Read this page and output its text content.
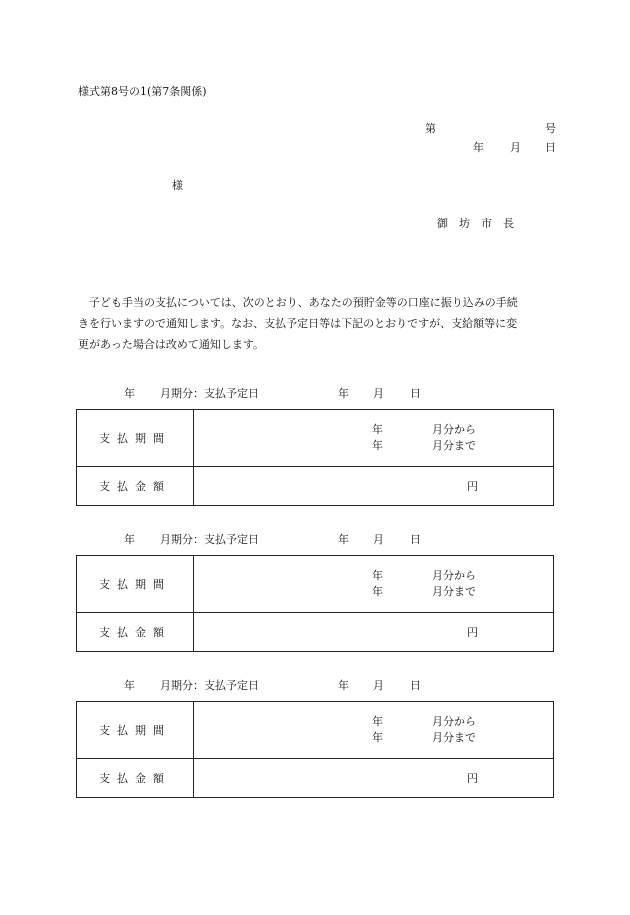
様式第8号の1(第7条関係)
第	号
年 月 日
様
御　坊　市　長

子ども手当の支払については、次のとおり、あなたの預貯金等の口座に振り込みの手続

きを行いますので通知します。なお、支払予定日等は下記のとおりですが、支給額等に変
更があった場合は改めて通知します。
年 月期分：支払予定日	年 月 日
支払期間	年 月分から
年 月分まで

支払金額	円
年 月期分：支払予定日	年 月 日
支払期間	年 月分から
年 月分まで

支払金額	円
年 月期分：支払予定日	年 月 日
支払期間	年 月分から
年 月分まで

支払金額	円
